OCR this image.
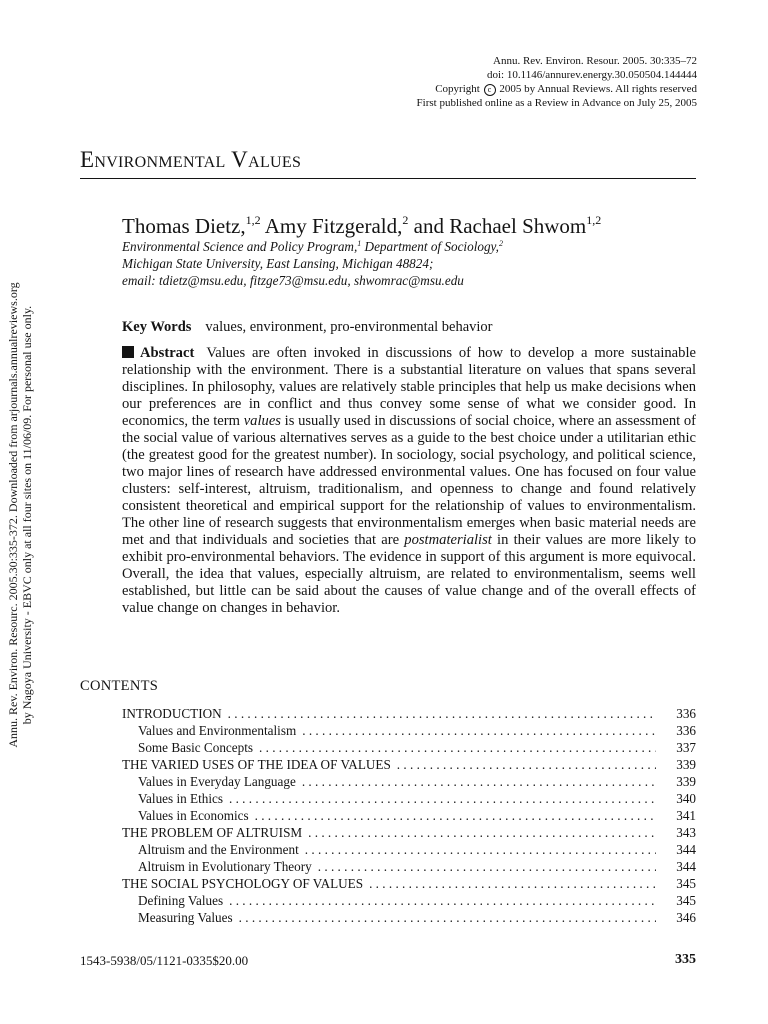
Annu. Rev. Environ. Resourc. 2005.30:335-372. Downloaded from arjournals.annualreviews.org by Nagoya University - EBVC only at all four sites on 11/06/09. For personal use only.
Annu. Rev. Environ. Resour. 2005. 30:335–72
doi: 10.1146/annurev.energy.30.050504.144444
Copyright c 2005 by Annual Reviews. All rights reserved
First published online as a Review in Advance on July 25, 2005
Environmental Values
Thomas Dietz,$^{1,2}$ Amy Fitzgerald,$^2$ and Rachael Shwom$^{1,2}$
Environmental Science and Policy Program,$^1$ Department of Sociology,$^2$
Michigan State University, East Lansing, Michigan 48824;
email: tdietz@msu.edu, fitzge73@msu.edu, shwomrac@msu.edu
Key Words values, environment, pro-environmental behavior

Abstract Values are often invoked in discussions of how to develop a more sustainable relationship with the environment. There is a substantial literature on values that spans several disciplines. In philosophy, values are relatively stable principles that help us make decisions when our preferences are in conflict and thus convey some sense of what we consider good. In economics, the term values is usually used in discussions of social choice, where an assessment of the social value of various alternatives serves as a guide to the best choice under a utilitarian ethic (the greatest good for the greatest number). In sociology, social psychology, and political science, two major lines of research have addressed environmental values. One has focused on four value clusters: self-interest, altruism, traditionalism, and openness to change and found relatively consistent theoretical and empirical support for the relationship of values to environmentalism. The other line of research suggests that environmentalism emerges when basic material needs are met and that individuals and societies that are postmaterialist in their values are more likely to exhibit pro-environmental behaviors. The evidence in support of this argument is more equivocal. Overall, the idea that values, especially altruism, are related to environmentalism, seems well established, but little can be said about the causes of value change and of the overall effects of value change on changes in behavior.

CONTENTS
INTRODUCTION . . .	336
Values and Environmentalism . . .	336
Some Basic Concepts . . .	337
THE VARIED USES OF THE IDEA OF VALUES . . .	339
Values in Everyday Language . . .	339
Values in Ethics . . .	340
Values in Economics . . .	341
THE PROBLEM OF ALTRUISM . . .	343
Altruism and the Environment . . .	344
Altruism in Evolutionary Theory . . .	344
THE SOCIAL PSYCHOLOGY OF VALUES . . .	345
Defining Values . . .	345
Measuring Values . . .	346
1543-5938/05/1121-0335$20.00	335
